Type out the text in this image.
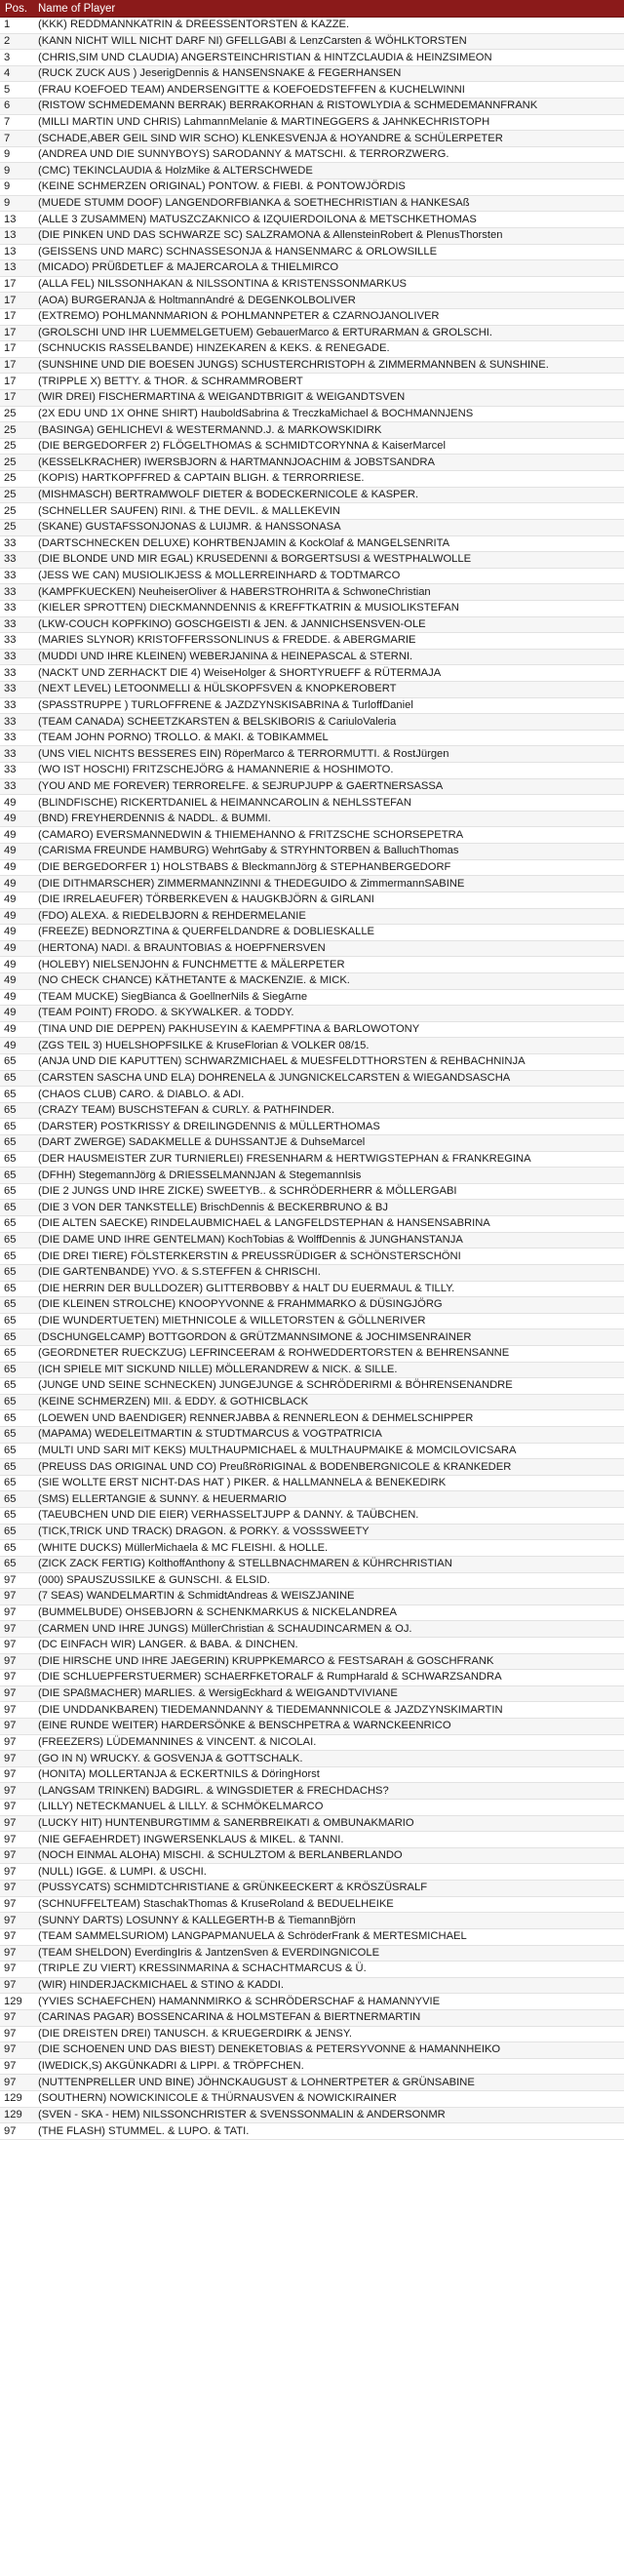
Pos.	Name of Player
1	(KKK) REDDMANNKATRIN & DREESSENTORSTEN & KAZZE.
2	(KANN NICHT WILL NICHT DARF NI) GFELLGABI & LenzCarsten & WÖHLKTORSTEN
3	(CHRIS,SIM UND CLAUDIA) ANGERSTEINCHRISTIAN & HINTZCLAUDIA & HEINZSIMEON
4	(RUCK ZUCK AUS ) JeserigDennis & HANSENSNAKE & FEGERHANSEN
5	(FRAU KOEFOED TEAM) ANDERSENGITTE & KOEFOEDSTEFFEN & KUCHELWINNI
6	(RISTOW SCHMEDEMANN BERRAK) BERRAKORHAN & RISTOWLYDIA & SCHMEDEMANNFRANK
7	(MILLI MARTIN UND CHRIS) LahmannMelanie & MARTINEGGERS & JAHNKECHRISTOPH
7	(SCHADE,ABER GEIL SIND WIR SCHO) KLENKESVENJA & HOYANDRE & SCHÜLERPETER
9	(ANDREA UND DIE SUNNYBOYS) SARODANNY & MATSCHI. & TERRORZWERG.
9	(CMC) TEKINCLAUDIA & HolzMike & ALTERSCHWEDE
9	(KEINE SCHMERZEN ORIGINAL) PONTOW. & FIEBI. & PONTOWJÖRDIS
9	(MUEDE STUMM DOOF) LANGENDORFBIANKA & SOETHECHRISTIAN & HANKESAß
13	(ALLE 3 ZUSAMMEN) MATUSZCZAKNICO & IZQUIERDOILONA & METSCHKETHOMAS
13	(DIE PINKEN UND DAS SCHWARZE SC) SALZRAMONA & AllensteinRobert & PlenusThorsten
13	(GEISSENS UND MARC) SCHNASSESONJA & HANSENMARC & ORLOWSILLE
13	(MICADO) PRÜßDETLEF & MAJERCAROLA & THIELMIRCO
17	(ALLA FEL) NILSSONHAKAN & NILSSONTINA & KRISTENSSONMARKUS
17	(AOA) BURGERANJA & HoltmannAndré & DEGENKOLBOLIVER
17	(EXTREMO) POHLMANNMARION & POHLMANNPETER & CZARNOJANOLIVER
17	(GROLSCHI UND IHR LUEMMELGETUEM) GebauerMarco & ERTURARMAN & GROLSCHI.
17	(SCHNUCKIS RASSELBANDE) HINZEKAREN & KEKS. & RENEGADE.
17	(SUNSHINE UND DIE BOESEN JUNGS) SCHUSTERCHRISTOPH & ZIMMERMANNBEN & SUNSHINE.
17	(TRIPPLE X) BETTY. & THOR. & SCHRAMMROBERT
17	(WIR DREI) FISCHERMARTINA & WEIGANDTBRIGIT & WEIGANDTSVEN
25	(2X EDU UND 1X OHNE SHIRT) HauboldSabrina & TreczkaMichael & BOCHMANNJENS
25	(BASINGA) GEHLICHEVI & WESTERMANND.J. & MARKOWSKIDIRK
25	(DIE BERGEDORFER 2) FLÖGELTHOMAS & SCHMIDTCORYNNA & KaiserMarcel
25	(KESSELKRACHER) IWERSBJORN & HARTMANNJOACHIM & JOBSTSANDRA
25	(KOPIS) HARTKOPFFRED & CAPTAIN BLIGH. & TERRORRIESE.
25	(MISHMASCH) BERTRAMWOLF DIETER & BODECKERNICOLE & KASPER.
25	(SCHNELLER SAUFEN) RINI. & THE DEVIL. & MALLEKEVIN
25	(SKANE) GUSTAFSSONJONAS & LUIJMR. & HANSSONASA
33	(DARTSCHNECKEN DELUXE) KOHRTBENJAMIN & KockOlaf & MANGELSENRITA
33	(DIE BLONDE UND MIR EGAL) KRUSEDENNI & BORGERTSUSI & WESTPHALWOLLE
33	(JESS WE CAN) MUSIOLIKJESS & MOLLERREINHARD & TODTMARCO
33	(KAMPFKUECKEN) NeuheiserOliver & HABERSTROHRITA & SchwoneChristian
33	(KIELER SPROTTEN) DIECKMANNDENNIS & KREFFTKATRIN & MUSIOLIKSTEFAN
33	(LKW-COUCH KOPFKINO) GOSCHGEISTI & JEN. & JANNICHSENSVEN-OLE
33	(MARIES SLYNOR) KRISTOFFERSSONLINUS & FREDDE. & ABERGMARIE
33	(MUDDI UND IHRE KLEINEN) WEBERJANINA & HEINEPASCAL & STERNI.
33	(NACKT UND ZERHACKT DIE 4) WeiseHolger & SHORTYRUEFF & RÜTERMAJA
33	(NEXT LEVEL) LETOONMELLI & HÜLSKOPFSVEN & KNOPKEROBERT
33	(SPASSTRUPPE ) TURLOFFRENE & JAZDZYNSKISABRINA & TurloffDaniel
33	(TEAM CANADA) SCHEETZKARSTEN & BELSKIBORIS & CariuloValeria
33	(TEAM JOHN PORNO) TROLLO. & MAKI. & TOBIKAMMEL
33	(UNS VIEL NICHTS BESSERES EIN) RöperMarco & TERRORMUTTI. & RostJürgen
33	(WO IST HOSCHI) FRITZSCHEJÖRG & HAMANNERIE & HOSHIMOTO.
33	(YOU AND ME FOREVER) TERRORELFE. & SEJRUPJUPP & GAERTNERSASSA
49	(BLINDFISCHE) RICKERTDANIEL & HEIMANNCAROLIN & NEHLSSTEFAN
49	(BND) FREYHERDENNIS & NADDL. & BUMMI.
49	(CAMARO) EVERSMANNEDWIN & THIEMEHANNO & FRITZSCHE SCHORSEPETRA
49	(CARISMA FREUNDE HAMBURG) WehrtGaby & STRYHNTORBEN & BalluchThomas
49	(DIE BERGEDORFER 1) HOLSTBABS & BleckmannJörg & STEPHANBERGEDORF
49	(DIE DITHMARSCHER) ZIMMERMANNZINNI & THEDEGUIDO & ZimmermannSABINE
49	(DIE IRRELAEUFER) TÖRBERKEVEN & HAUGKBJÖRN & GIRLANI
49	(FDO) ALEXA. & RIEDELBJORN & REHDERMELANIE
49	(FREEZE) BEDNORZTINA & QUERFELDANDRE & DOBLIESKALLE
49	(HERTONA) NADI. & BRAUNTOBIAS & HOEPFNERSVEN
49	(HOLEBY) NIELSENJOHN & FUNCHMETTE & MÄLERPETER
49	(NO CHECK CHANCE) KÄTHETANTE & MACKENZIE. & MICK.
49	(TEAM MUCKE) SiegBianca & GoellnerNils & SiegArne
49	(TEAM POINT) FRODO. & SKYWALKER. & TODDY.
49	(TINA UND DIE DEPPEN) PAKHUSEYIN & KAEMPFTINA & BARLOWOTONY
49	(ZGS TEIL 3) HUELSHOPFSILKE & KruseFlorian & VOLKER 08/15.
65	(ANJA UND DIE KAPUTTEN) SCHWARZMICHAEL & MUESFELDTTHORSTEN & REHBACHNINJA
65	(CARSTEN SASCHA UND ELA) DOHRENELA & JUNGNICKELCARSTEN & WIEGANDSASCHA
65	(CHAOS CLUB) CARO. & DIABLO. & ADI.
65	(CRAZY TEAM) BUSCHSTEFAN & CURLY. & PATHFINDER.
65	(DARSTER) POSTKRISSY & DREILINGDENNIS & MÜLLERTHOMAS
65	(DART ZWERGE) SADAKMELLE & DUHSSANTJE & DuhseMarcel
65	(DER HAUSMEISTER ZUR TURNIERLEI) FRESENHARM & HERTWIGSTEPHAN & FRANKREGINA
65	(DFHH) StegemannJörg & DRIESSELMANNJAN & StegemannIsis
65	(DIE 2 JUNGS UND IHRE ZICKE) SWEETYB.. & SCHRÖDERHERR & MÖLLERGABI
65	(DIE 3 VON DER TANKSTELLE) BrischDennis & BECKERBRUNO & BJ
65	(DIE ALTEN SAECKE) RINDELAUBMICHAEL & LANGFELDSTEPHAN & HANSENSABRINA
65	(DIE DAME UND IHRE GENTELMAN) KochTobias & WolffDennis & JUNGHANSTANJA
65	(DIE DREI TIERE) FÖLSTERKERSTIN & PREUSSRÜDIGER & SCHÖNSTERSCHÖNI
65	(DIE GARTENBANDE) YVO. & S.STEFFEN & CHRISCHI.
65	(DIE HERRIN DER BULLDOZER) GLITTERBOBBY & HALT DU EUERMAUL & TILLY.
65	(DIE KLEINEN STROLCHE) KNOOPYVONNE & FRAHMMARKO & DÜSINGJÖRG
65	(DIE WUNDERTUETEN) MIETHNICOLE & WILLETORSTEN & GÖLLNERIVER
65	(DSCHUNGELCAMP) BOTTGORDON & GRÜTZMANNSIMONE & JOCHIMSENRAINER
65	(GEORDNETER RUECKZUG) LEFRINCEERAM & ROHWEDDERTORSTEN & BEHRENSANNE
65	(ICH SPIELE MIT SICKUND NILLE) MÖLLERANDREW & NICK. & SILLE.
65	(JUNGE UND SEINE SCHNECKEN) JUNGEJUNGE & SCHRÖDERIRMI & BÖHRENSENANDRE
65	(KEINE SCHMERZEN) MII. & EDDY. & GOTHICBLACK
65	(LOEWEN UND BAENDIGER) RENNERJABBA & RENNERLEON & DEHMELSCHIPPER
65	(MAPAMA) WEDELEITMARTIN & STUDTMARCUS & VOGTPATRICIA
65	(MULTI UND SARI MIT KEKS) MULTHAUPMICHAEL & MULTHAUPMAIKE & MOMCILOVICSARA
65	(PREUSS DAS ORIGINAL UND CO) PreußRöRIGINAL & BODENBERGNICOLE & KRANKEDER
65	(SIE WOLLTE ERST NICHT-DAS HAT ) PIKER. & HALLMANNELA & BENEKEDIRK
65	(SMS) ELLERTANGIE & SUNNY. & HEUERMARIO
65	(TAEUBCHEN UND DIE EIER) VERHASSELTJUPP & DANNY. & TAÜBCHEN.
65	(TICK,TRICK UND TRACK) DRAGON. & PORKY. & VOSSSWEETY
65	(WHITE DUCKS) MüllerMichaela & MC FLEISHI. & HOLLE.
65	(ZICK ZACK FERTIG) KolthoffAnthony & STELLBNACHMAREN & KÜHRCHRISTIAN
97	(000) SPAUSZUSSILKE & GUNSCHI. & ELSID.
97	(7 SEAS) WANDELMARTIN & SchmidtAndreas & WEISZJANINE
97	(BUMMELBUDE) OHSEBJORN & SCHENKMARKUS & NICKELANDREA
97	(CARMEN UND IHRE JUNGS) MüllerChristian & SCHAUDINCARMEN & OJ.
97	(DC EINFACH WIR) LANGER. & BABA. & DINCHEN.
97	(DIE HIRSCHE UND IHRE JAEGERIN) KRUPPKEMARCO & FESTSARAH & GOSCHFRANK
97	(DIE SCHLUEPFERSTUERMER) SCHAERFKETORALF & RumpHarald & SCHWARZSANDRA
97	(DIE SPAßMACHER) MARLIES. & WersigEckhard & WEIGANDTVIVIANE
97	(DIE UNDDANKBAREN) TIEDEMANNDANNY & TIEDEMANNNICOLE & JAZDZYNSKIMARTIN
97	(EINE RUNDE WEITER) HARDERSÖNKE & BENSCHPETRA & WARNCKEENRICO
97	(FREEZERS) LÜDEMANNINES & VINCENT. & NICOLAI.
97	(GO IN N) WRUCKY. & GOSVENJA & GOTTSCHALK.
97	(HONITA) MOLLERTANJA & ECKERTNILS & DöringHorst
97	(LANGSAM TRINKEN) BADGIRL. & WINGSDIETER & FRECHDACHS?
97	(LILLY) NETECKMANUEL & LILLY. & SCHMÖKELMARCO
97	(LUCKY HIT) HUNTENBURGTIMM & SANERBREIKATI & OMBUNAKMARIO
97	(NIE GEFAEHRDET) INGWERSENKLAUS & MIKEL. & TANNI.
97	(NOCH EINMAL ALOHA) MISCHI. & SCHULZTOM & BERLANBERLANDO
97	(NULL) IGGE. & LUMPI. & USCHI.
97	(PUSSYCATS) SCHMIDTCHRISTIANE & GRÜNKEECKERT & KRÖSZÜSRALF
97	(SCHNUFFELTEAM) StaschakThomas & KruseRoland & BEDUELHEIKE
97	(SUNNY DARTS) LOSUNNY & KALLEGERTH-B & TiemannBjörn
97	(TEAM SAMMELSURIOM) LANGPAPMANUELA & SchröderFrank & MERTESMICHAEL
97	(TEAM SHELDON) EverdingIris & JantzenSven & EVERDINGNICOLE
97	(TRIPLE ZU VIERT) KRESSINMARINA & SCHACHTMARCUS & Ü.
97	(WIR) HINDERJACKMICHAEL & STINO & KADDI.
129	(YVIES SCHAEFCHEN) HAMANNMIRKO & SCHRÖDERSCHAF & HAMANNYVIE
97	(CARINAS PAGAR) BOSSENCARINA & HOLMSTEFAN & BIERTNERMARTIN
97	(DIE DREISTEN DREI) TANUSCH. & KRUEGERDIRK & JENSY.
97	(DIE SCHOENEN UND DAS BIEST) DENEKETOBIAS & PETERSYVONNE & HAMANNHEIKO
97	(IWEDICK,S) AKGÜNKADRI & LIPPI. & TRÖPFCHEN.
97	(NUTTENPRELLER UND BINE) JÖHNCKAUGUST & LOHNERTPETER & GRÜNSABINE
129	(SOUTHERN) NOWICKINICOLE & THÜRNAUSVEN & NOWICKIRAINER
129	(SVEN - SKA - HEM) NILSSONCHRISTER & SVENSSONMALIN & ANDERSONMR
97	(THE FLASH) STUMMEL. & LUPO. & TATI.
